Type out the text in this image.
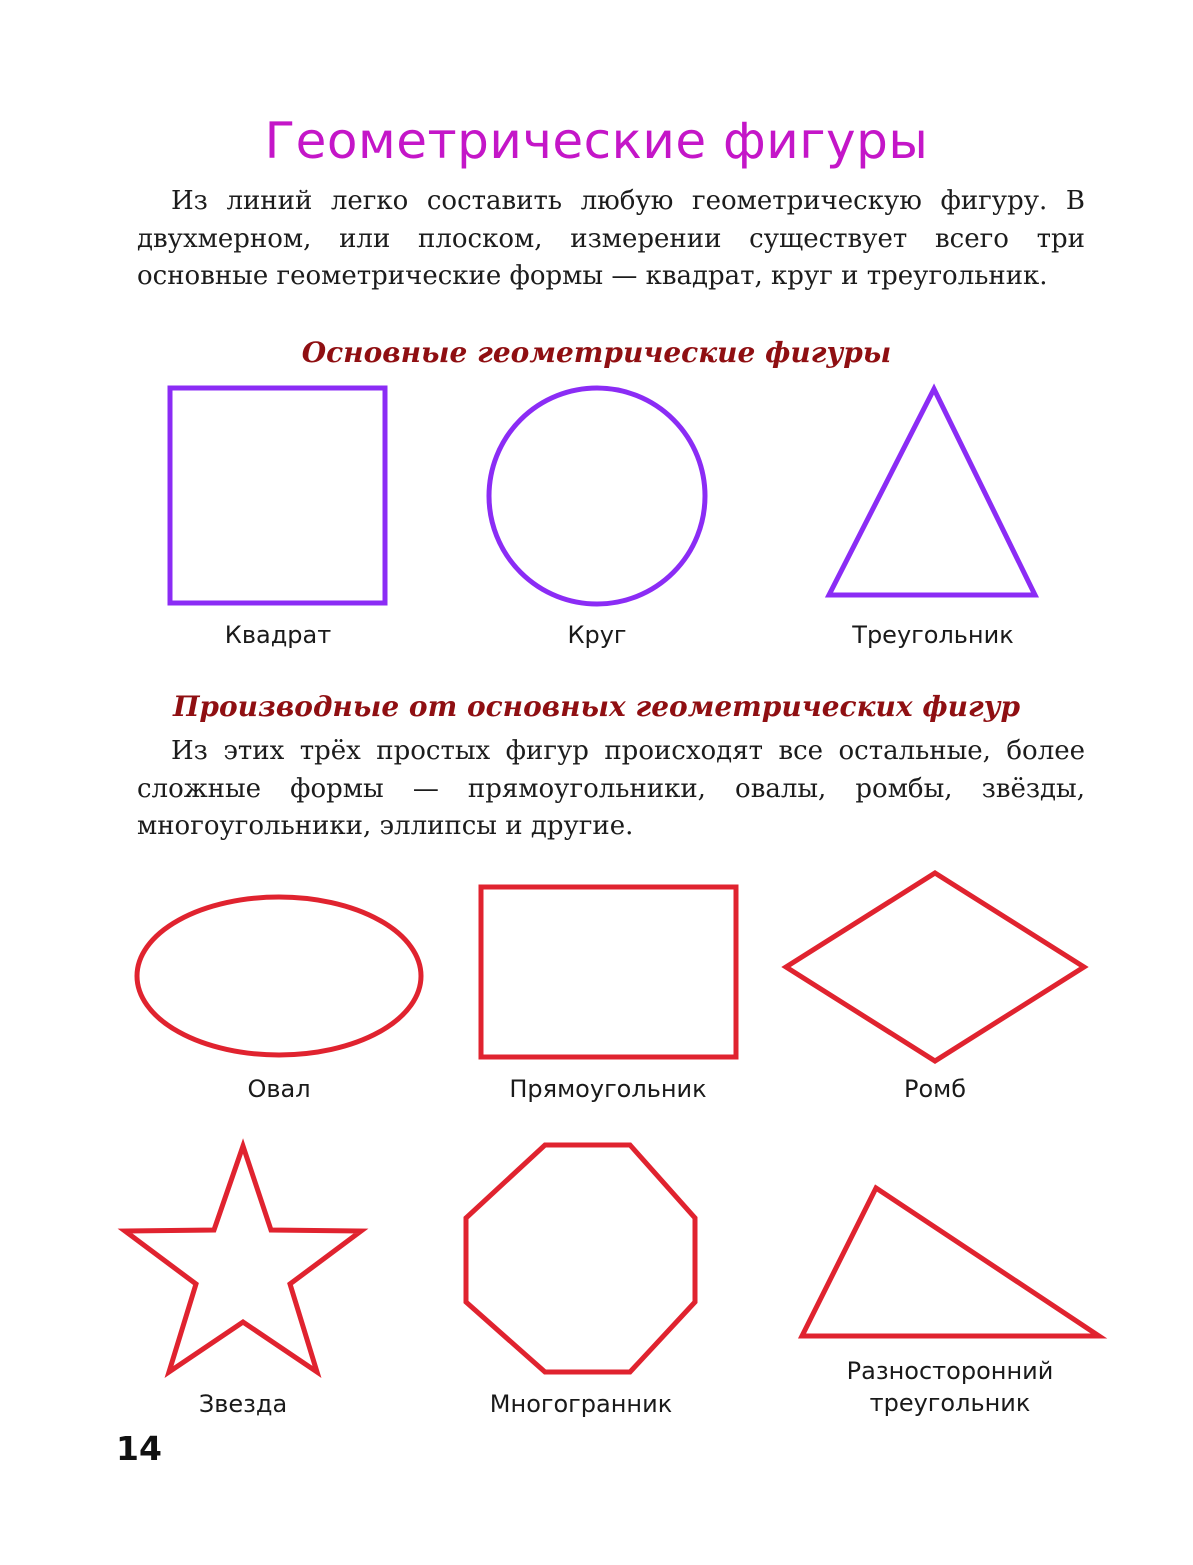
Геометрические фигуры

Из линий легко составить любую геометрическую фигуру. В двухмерном, или плоском, измерении существует всего три основные геометрические формы — квадрат, круг и треугольник.

Основные геометрические фигуры
Квадрат	Круг	Треугольник
Производные от основных геометрических фигур

Из этих трёх простых фигур происходят все остальные, более сложные формы — прямоугольники, овалы, ромбы, звёзды, многоугольники, эллипсы и другие.

Овал	Прямоугольник	Ромб
Звезда	Многогранник
Разносторонний
треугольник
14
